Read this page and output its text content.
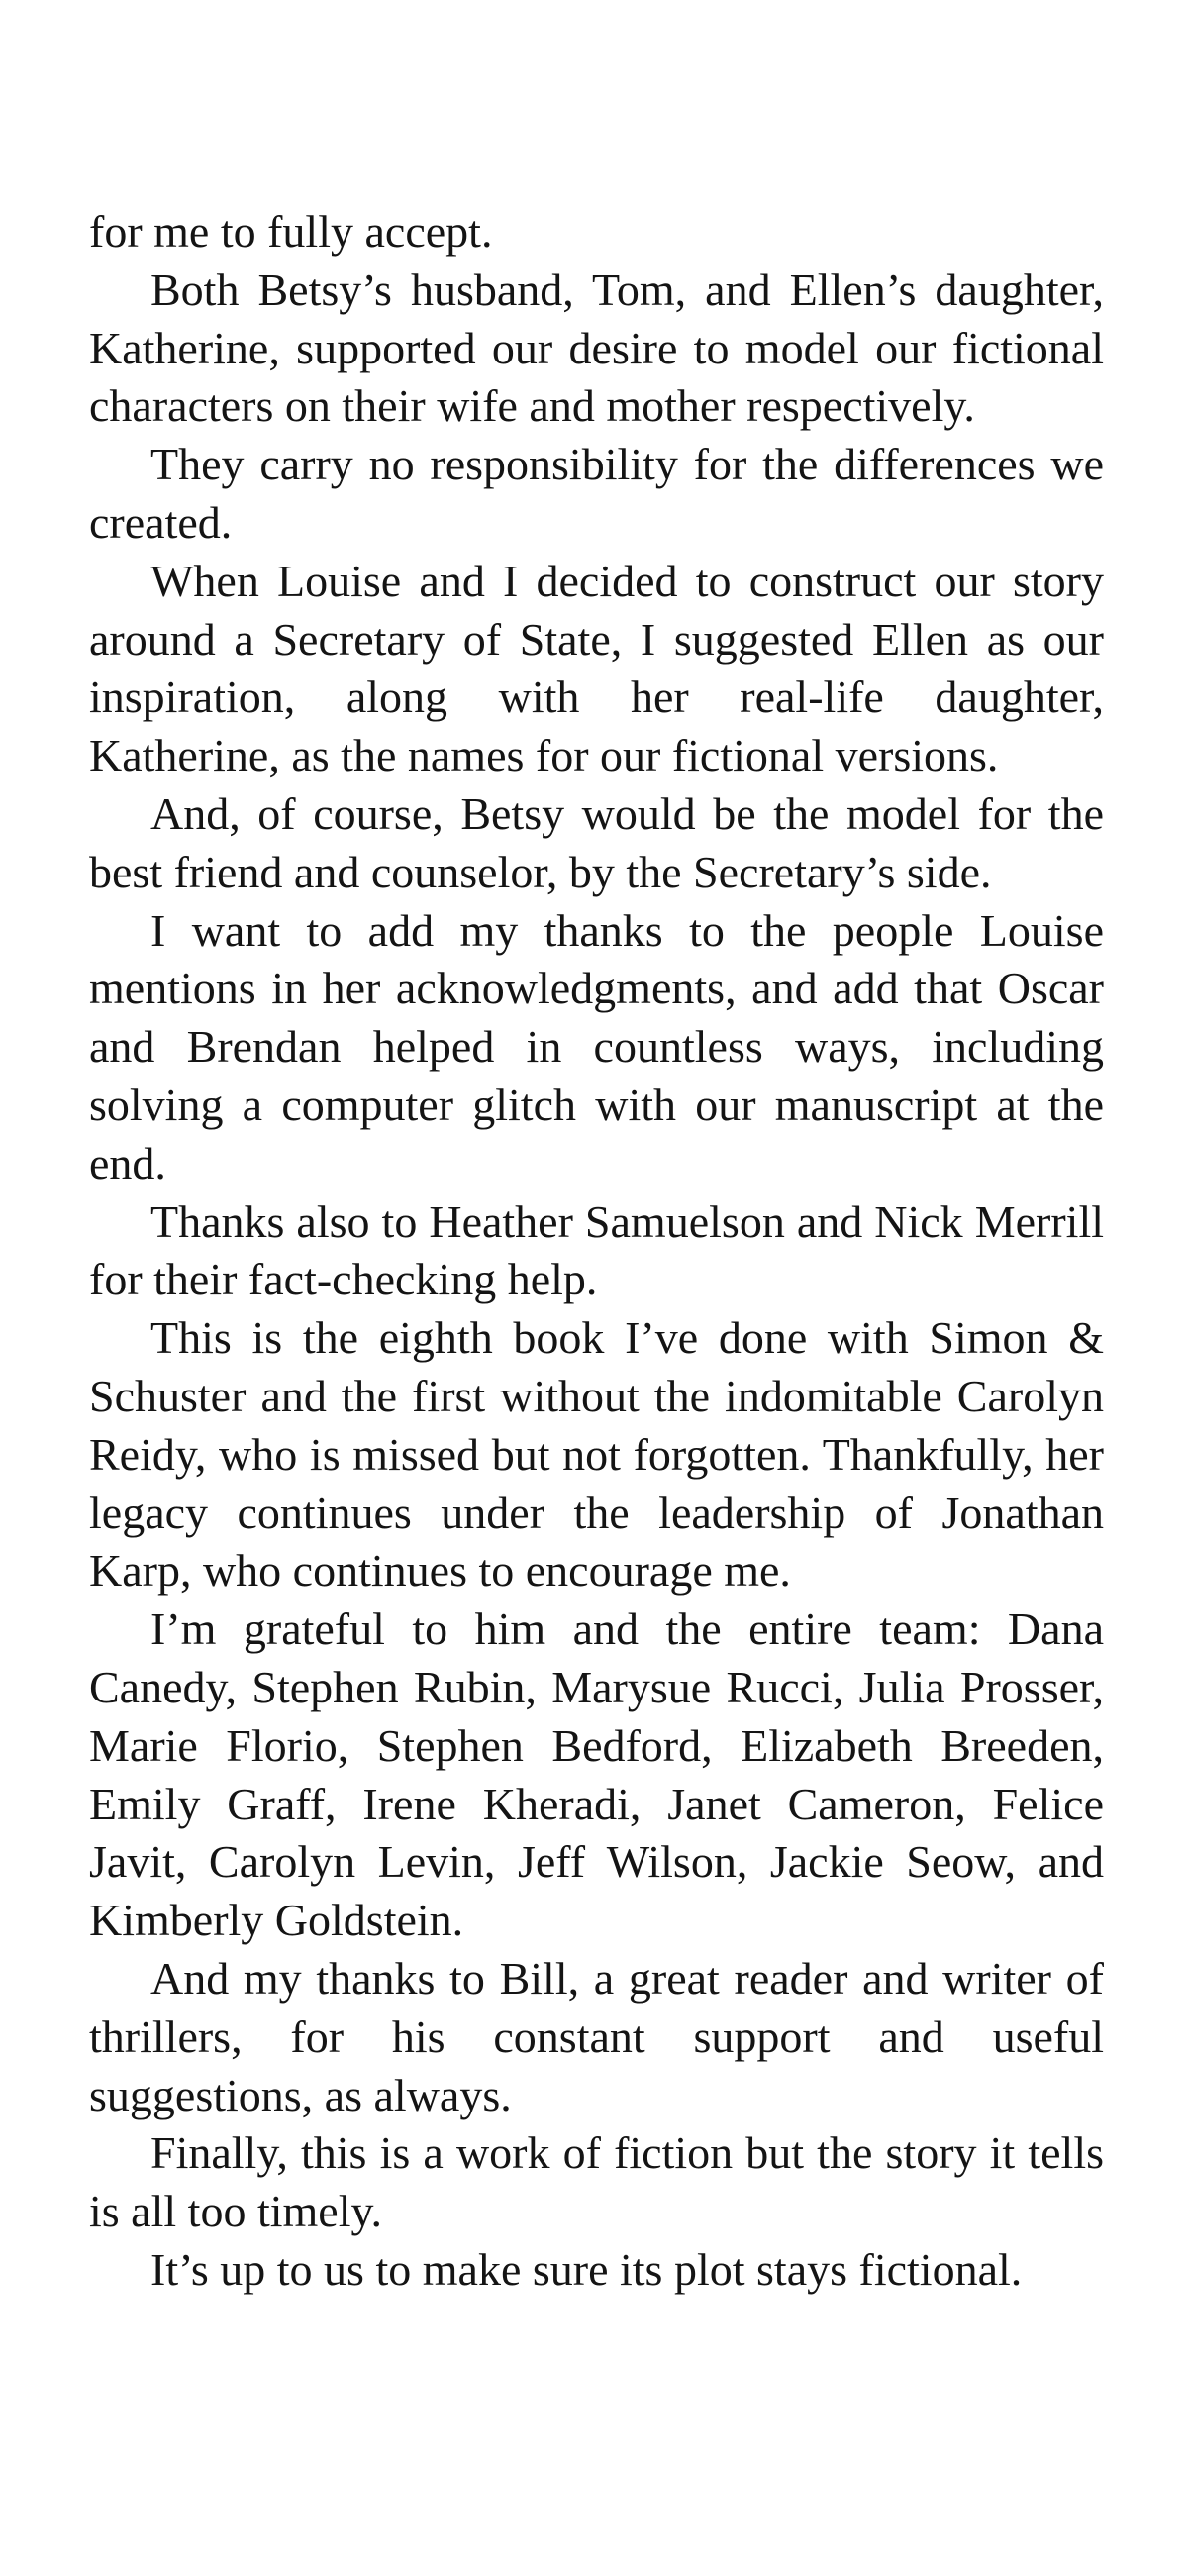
for me to fully accept.

Both Betsy’s husband, Tom, and Ellen’s daughter, Katherine, supported our desire to model our fictional characters on their wife and mother respectively.

They carry no responsibility for the differences we created.

When Louise and I decided to construct our story around a Secretary of State, I suggested Ellen as our inspiration, along with her real-life daughter, Katherine, as the names for our fictional versions.

And, of course, Betsy would be the model for the best friend and counselor, by the Secretary’s side.

I want to add my thanks to the people Louise mentions in her acknowledgments, and add that Oscar and Brendan helped in countless ways, including solving a computer glitch with our manuscript at the end.

Thanks also to Heather Samuelson and Nick Merrill for their fact-checking help.

This is the eighth book I’ve done with Simon & Schuster and the first without the indomitable Carolyn Reidy, who is missed but not forgotten. Thankfully, her legacy continues under the leadership of Jonathan Karp, who continues to encourage me.

I’m grateful to him and the entire team: Dana Canedy, Stephen Rubin, Marysue Rucci, Julia Prosser, Marie Florio, Stephen Bedford, Elizabeth Breeden, Emily Graff, Irene Kheradi, Janet Cameron, Felice Javit, Carolyn Levin, Jeff Wilson, Jackie Seow, and Kimberly Goldstein.

And my thanks to Bill, a great reader and writer of thrillers, for his constant support and useful suggestions, as always.

Finally, this is a work of fiction but the story it tells is all too timely.

It’s up to us to make sure its plot stays fictional.
